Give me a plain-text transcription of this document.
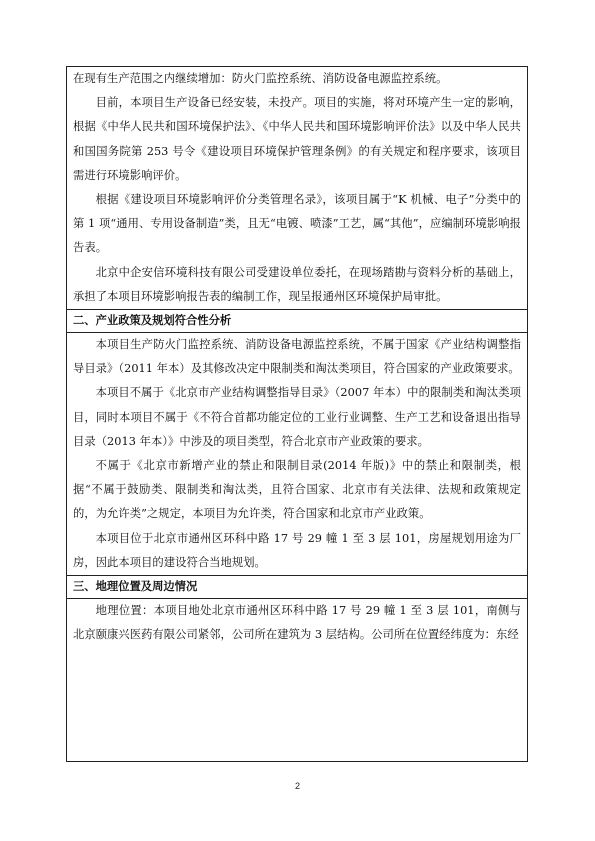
在现有生产范围之内继续增加：防火门监控系统、消防设备电源监控系统。

目前，本项目生产设备已经安装，未投产。项目的实施，将对环境产生一定的影响，根据《中华人民共和国环境保护法》、《中华人民共和国环境影响评价法》以及中华人民共和国国务院第 253 号令《建设项目环境保护管理条例》的有关规定和程序要求，该项目需进行环境影响评价。

根据《建设项目环境影响评价分类管理名录》，该项目属于“K 机械、电子”分类中的第 1 项“通用、专用设备制造”类，且无“电镀、喷漆”工艺，属“其他”，应编制环境影响报告表。

北京中企安信环境科技有限公司受建设单位委托，在现场踏勘与资料分析的基础上，承担了本项目环境影响报告表的编制工作，现呈报通州区环境保护局审批。

二、产业政策及规划符合性分析

本项目生产防火门监控系统、消防设备电源监控系统，不属于国家《产业结构调整指导目录》（2011 年本）及其修改决定中限制类和淘汰类项目，符合国家的产业政策要求。

本项目不属于《北京市产业结构调整指导目录》（2007 年本）中的限制类和淘汰类项目，同时本项目不属于《不符合首都功能定位的工业行业调整、生产工艺和设备退出指导目录（2013 年本）》中涉及的项目类型，符合北京市产业政策的要求。

不属于《北京市新增产业的禁止和限制目录(2014 年版)》中的禁止和限制类，根据“不属于鼓励类、限制类和淘汰类，且符合国家、北京市有关法律、法规和政策规定的，为允许类”之规定，本项目为允许类，符合国家和北京市产业政策。

本项目位于北京市通州区环科中路 17 号 29 幢 1 至 3 层 101，房屋规划用途为厂房，因此本项目的建设符合当地规划。

三、地理位置及周边情况

地理位置：本项目地处北京市通州区环科中路 17 号 29 幢 1 至 3 层 101，南侧与北京颐康兴医药有限公司紧邻，公司所在建筑为 3 层结构。公司所在位置经纬度为：东经

2
